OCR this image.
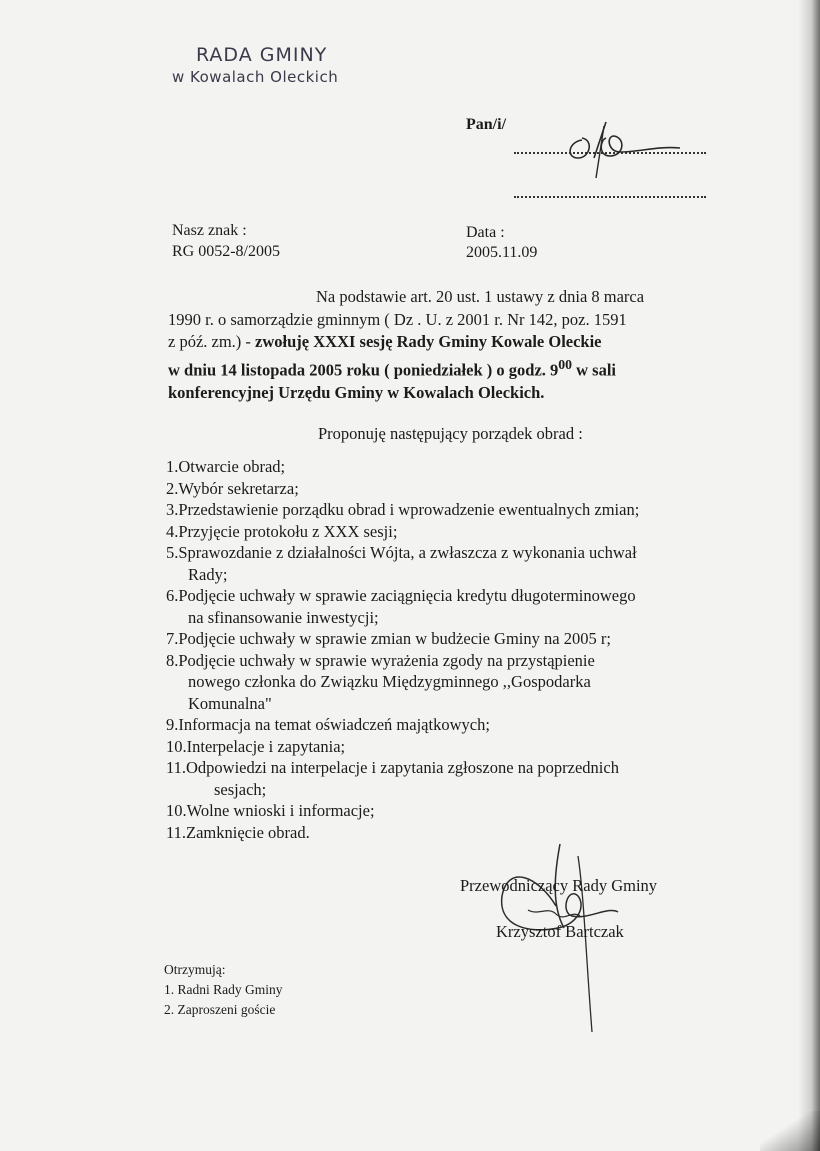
RADA GMINY
w Kowalach Oleckich
Pan/i/
Nasz znak :
RG 0052-8/2005
Data :
2005.11.09
Na podstawie art. 20 ust. 1 ustawy z dnia 8 marca
1990 r. o samorządzie gminnym ( Dz . U. z 2001 r. Nr 142, poz. 1591
z póź. zm.) - zwołuję XXXI sesję Rady Gminy Kowale Oleckie
w dniu 14 listopada 2005 roku ( poniedziałek ) o godz. $9^{00}$ w sali
konferencyjnej Urzędu Gminy w Kowalach Oleckich.
Proponuję następujący porządek obrad :
1. Otwarcie obrad;
2. Wybór sekretarza;
3. Przedstawienie porządku obrad i wprowadzenie ewentualnych zmian;
4. Przyjęcie protokołu z XXX sesji;
5. Sprawozdanie z działalności Wójta, a zwłaszcza z wykonania uchwał
Rady;
6. Podjęcie uchwały w sprawie zaciągnięcia kredytu długoterminowego
na sfinansowanie inwestycji;
7. Podjęcie uchwały w sprawie zmian w budżecie Gminy na 2005 r;
8. Podjęcie uchwały w sprawie wyrażenia zgody na przystąpienie
nowego członka do Związku Międzygminnego ,,Gospodarka
Komunalna"
9. Informacja na temat oświadczeń majątkowych;
10. Interpelacje i zapytania;
11. Odpowiedzi na interpelacje i zapytania zgłoszone na poprzednich
sesjach;
10. Wolne wnioski i informacje;
11. Zamknięcie obrad.
Przewodniczący Rady Gminy
Krzysztof Bartczak
Otrzymują:
1. Radni Rady Gminy
2. Zaproszeni goście
